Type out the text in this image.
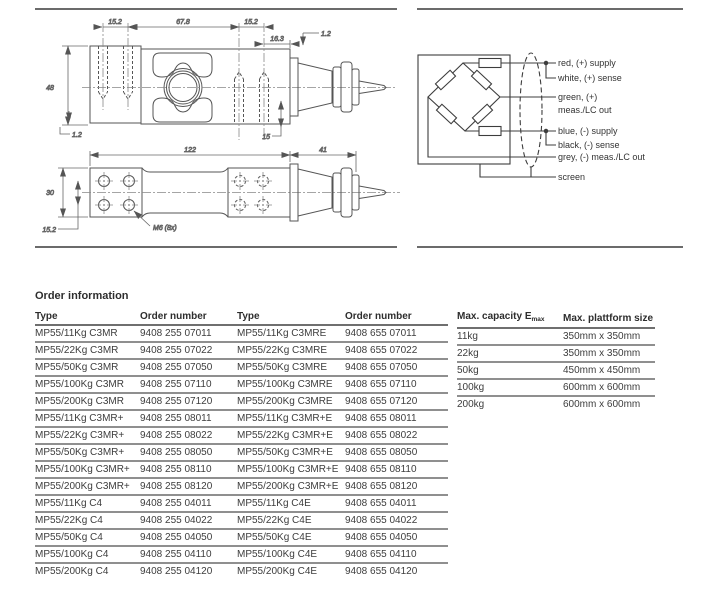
15.2	67.8	15.2
16.3
1.2
48
1.2	15
122	41
30
15.2	M6 (8x)
red, (+) supply
white, (+) sense
green, (+)
meas./LC out
blue, (-) supply
black, (-) sense
grey, (-) meas./LC out
screen
Order information
Type	Order number	Type	Order number
MP55/11Kg C3MR	9408 255 07011	MP55/11Kg C3MRE	9408 655 07011
MP55/22Kg C3MR	9408 255 07022	MP55/22Kg C3MRE	9408 655 07022
MP55/50Kg C3MR	9408 255 07050	MP55/50Kg C3MRE	9408 655 07050
MP55/100Kg C3MR	9408 255 07110	MP55/100Kg C3MRE	9408 655 07110
MP55/200Kg C3MR	9408 255 07120	MP55/200Kg C3MRE	9408 655 07120
MP55/11Kg C3MR+	9408 255 08011	MP55/11Kg C3MR+E	9408 655 08011
MP55/22Kg C3MR+	9408 255 08022	MP55/22Kg C3MR+E	9408 655 08022
MP55/50Kg C3MR+	9408 255 08050	MP55/50Kg C3MR+E	9408 655 08050
MP55/100Kg C3MR+	9408 255 08110	MP55/100Kg C3MR+E	9408 655 08110
MP55/200Kg C3MR+	9408 255 08120	MP55/200Kg C3MR+E	9408 655 08120
MP55/11Kg C4	9408 255 04011	MP55/11Kg C4E	9408 655 04011
MP55/22Kg C4	9408 255 04022	MP55/22Kg C4E	9408 655 04022
MP55/50Kg C4	9408 255 04050	MP55/50Kg C4E	9408 655 04050
MP55/100Kg C4	9408 255 04110	MP55/100Kg C4E	9408 655 04110
MP55/200Kg C4	9408 255 04120	MP55/200Kg C4E	9408 655 04120
Max. capacity $E_{max}$	Max. plattform size
11kg	350mm x 350mm
22kg	350mm x 350mm
50kg	450mm x 450mm
100kg	600mm x 600mm
200kg	600mm x 600mm
